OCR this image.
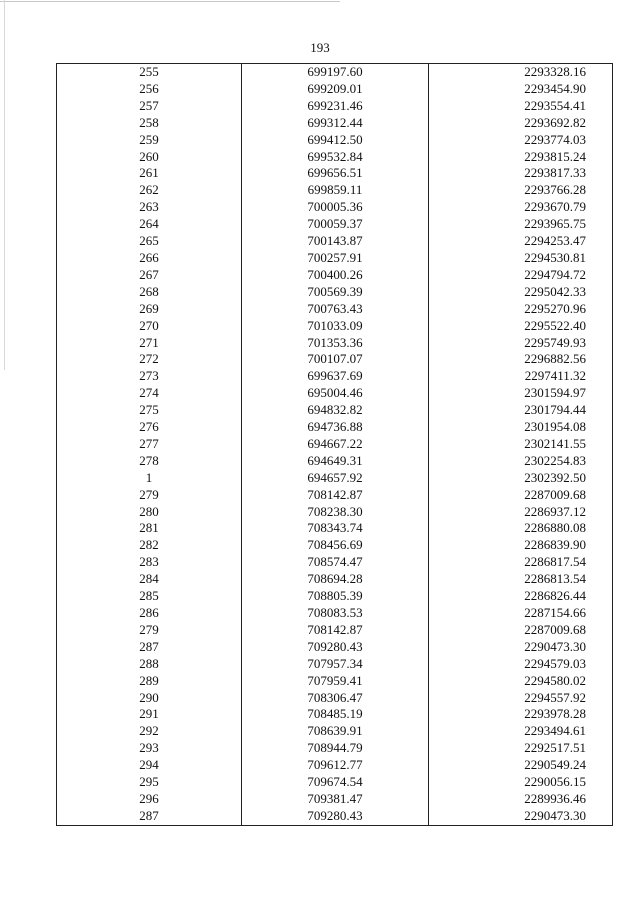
193
255	699197.60	2293328.16
256	699209.01	2293454.90
257	699231.46	2293554.41
258	699312.44	2293692.82
259	699412.50	2293774.03
260	699532.84	2293815.24
261	699656.51	2293817.33
262	699859.11	2293766.28
263	700005.36	2293670.79
264	700059.37	2293965.75
265	700143.87	2294253.47
266	700257.91	2294530.81
267	700400.26	2294794.72
268	700569.39	2295042.33
269	700763.43	2295270.96
270	701033.09	2295522.40
271	701353.36	2295749.93
272	700107.07	2296882.56
273	699637.69	2297411.32
274	695004.46	2301594.97
275	694832.82	2301794.44
276	694736.88	2301954.08
277	694667.22	2302141.55
278	694649.31	2302254.83
1	694657.92	2302392.50
279	708142.87	2287009.68
280	708238.30	2286937.12
281	708343.74	2286880.08
282	708456.69	2286839.90
283	708574.47	2286817.54
284	708694.28	2286813.54
285	708805.39	2286826.44
286	708083.53	2287154.66
279	708142.87	2287009.68
287	709280.43	2290473.30
288	707957.34	2294579.03
289	707959.41	2294580.02
290	708306.47	2294557.92
291	708485.19	2293978.28
292	708639.91	2293494.61
293	708944.79	2292517.51
294	709612.77	2290549.24
295	709674.54	2290056.15
296	709381.47	2289936.46
287	709280.43	2290473.30
